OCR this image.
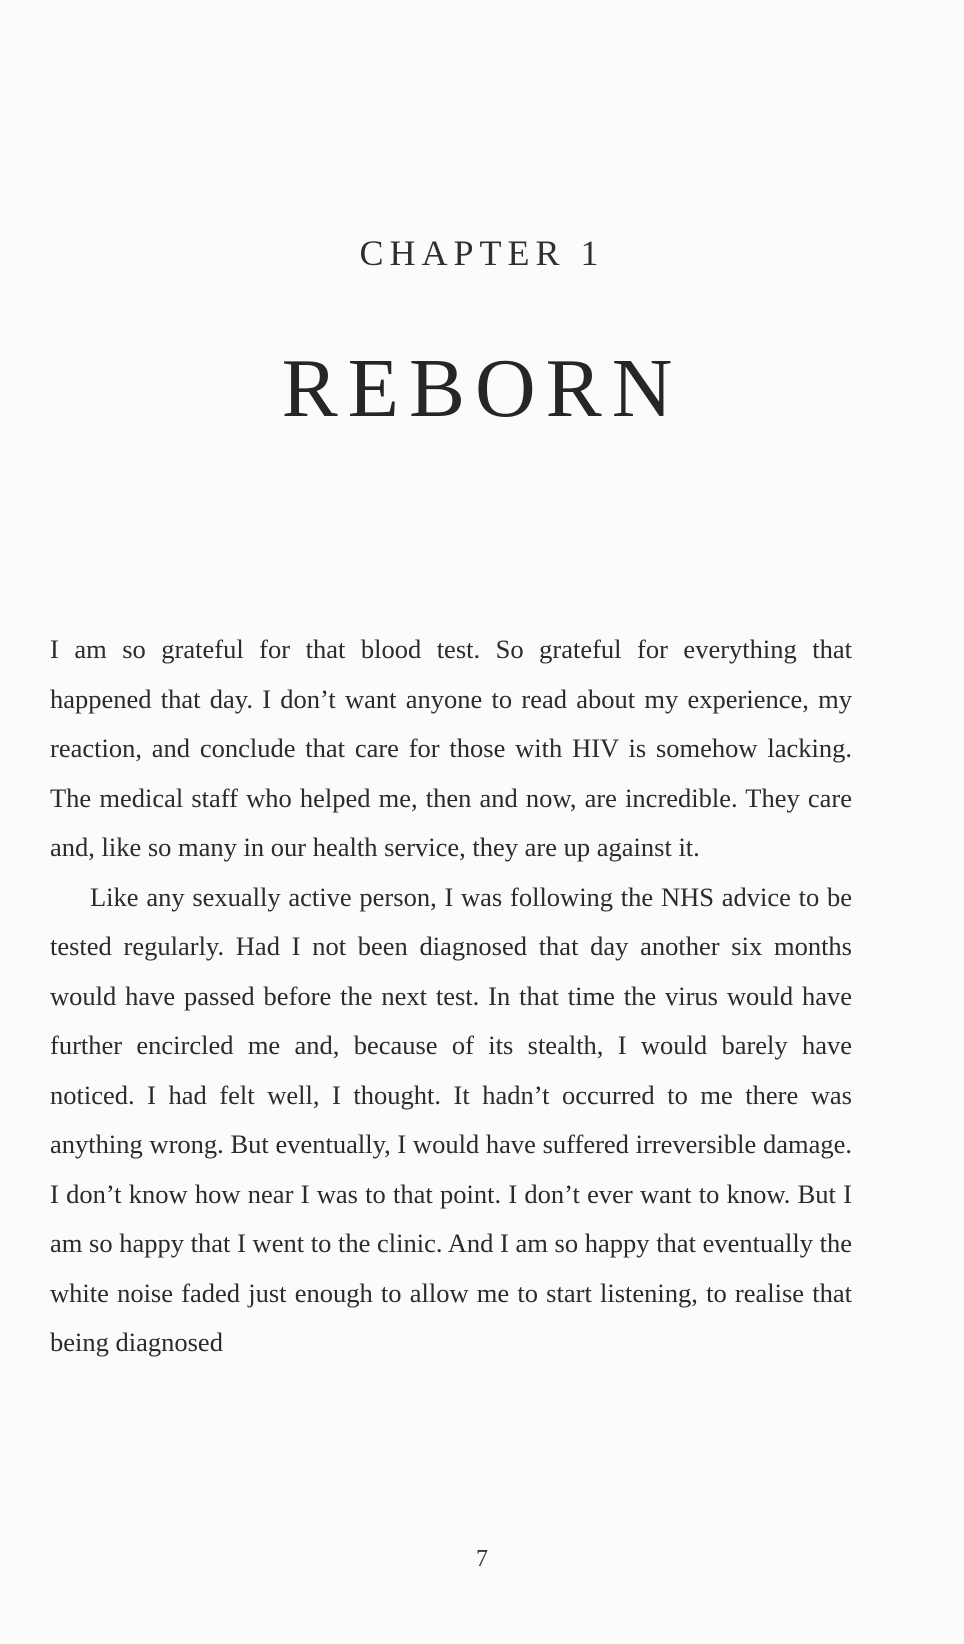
CHAPTER 1
REBORN

I am so grateful for that blood test. So grateful for everything that happened that day. I don’t want anyone to read about my experience, my reaction, and conclude that care for those with HIV is somehow lacking. The medical staff who helped me, then and now, are incredible. They care and, like so many in our health service, they are up against it.

Like any sexually active person, I was following the NHS advice to be tested regularly. Had I not been diagnosed that day another six months would have passed before the next test. In that time the virus would have further encircled me and, because of its stealth, I would barely have noticed. I had felt well, I thought. It hadn’t occurred to me there was anything wrong. But eventually, I would have suffered irreversible damage. I don’t know how near I was to that point. I don’t ever want to know. But I am so happy that I went to the clinic. And I am so happy that eventually the white noise faded just enough to allow me to start listening, to realise that being diagnosed

7
